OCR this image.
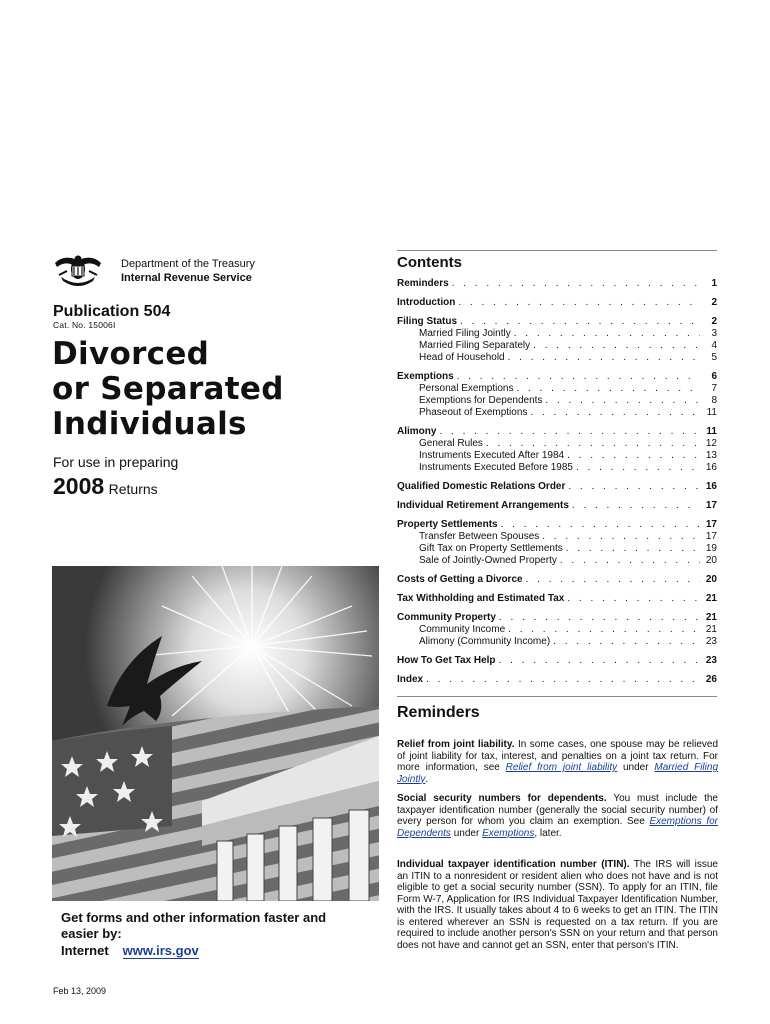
Department of the Treasury
Internal Revenue Service
Publication 504
Cat. No. 15006I
Divorced
or Separated
Individuals
For use in preparing
2008 Returns
Get forms and other information faster and easier by:
Internet www.irs.gov
Feb 13, 2009
Contents
Reminders . . .	1
Introduction . . .	2
Filing Status . . .	2
Married Filing Jointly . . .	3
Married Filing Separately . . .	4
Head of Household . . .	5
Exemptions . . .	6
Personal Exemptions . . .	7
Exemptions for Dependents . . .	8
Phaseout of Exemptions . . .	11
Alimony . . .	11
General Rules . . .	12
Instruments Executed After 1984 . . .	13
Instruments Executed Before 1985 . . .	16
Qualified Domestic Relations Order . . .	16
Individual Retirement Arrangements . . .	17
Property Settlements . . .	17
Transfer Between Spouses . . .	17
Gift Tax on Property Settlements . . .	19
Sale of Jointly-Owned Property . . .	20
Costs of Getting a Divorce . . .	20
Tax Withholding and Estimated Tax . . .	21
Community Property . . .	21
Community Income . . .	21
Alimony (Community Income) . . .	23
How To Get Tax Help . . .	23
Index . . .	26
Reminders
Relief from joint liability. In some cases, one spouse may be relieved of joint liability for tax, interest, and penalties on a joint tax return. For more information, see Relief from joint liability under Married Filing Jointly.
Social security numbers for dependents. You must include the taxpayer identification number (generally the social security number) of every person for whom you claim an exemption. See Exemptions for Dependents under Exemptions, later.
Individual taxpayer identification number (ITIN). The IRS will issue an ITIN to a nonresident or resident alien who does not have and is not eligible to get a social security number (SSN). To apply for an ITIN, file Form W-7, Application for IRS Individual Taxpayer Identification Number, with the IRS. It usually takes about 4 to 6 weeks to get an ITIN. The ITIN is entered wherever an SSN is requested on a tax return. If you are required to include another person's SSN on your return and that person does not have and cannot get an SSN, enter that person's ITIN.
